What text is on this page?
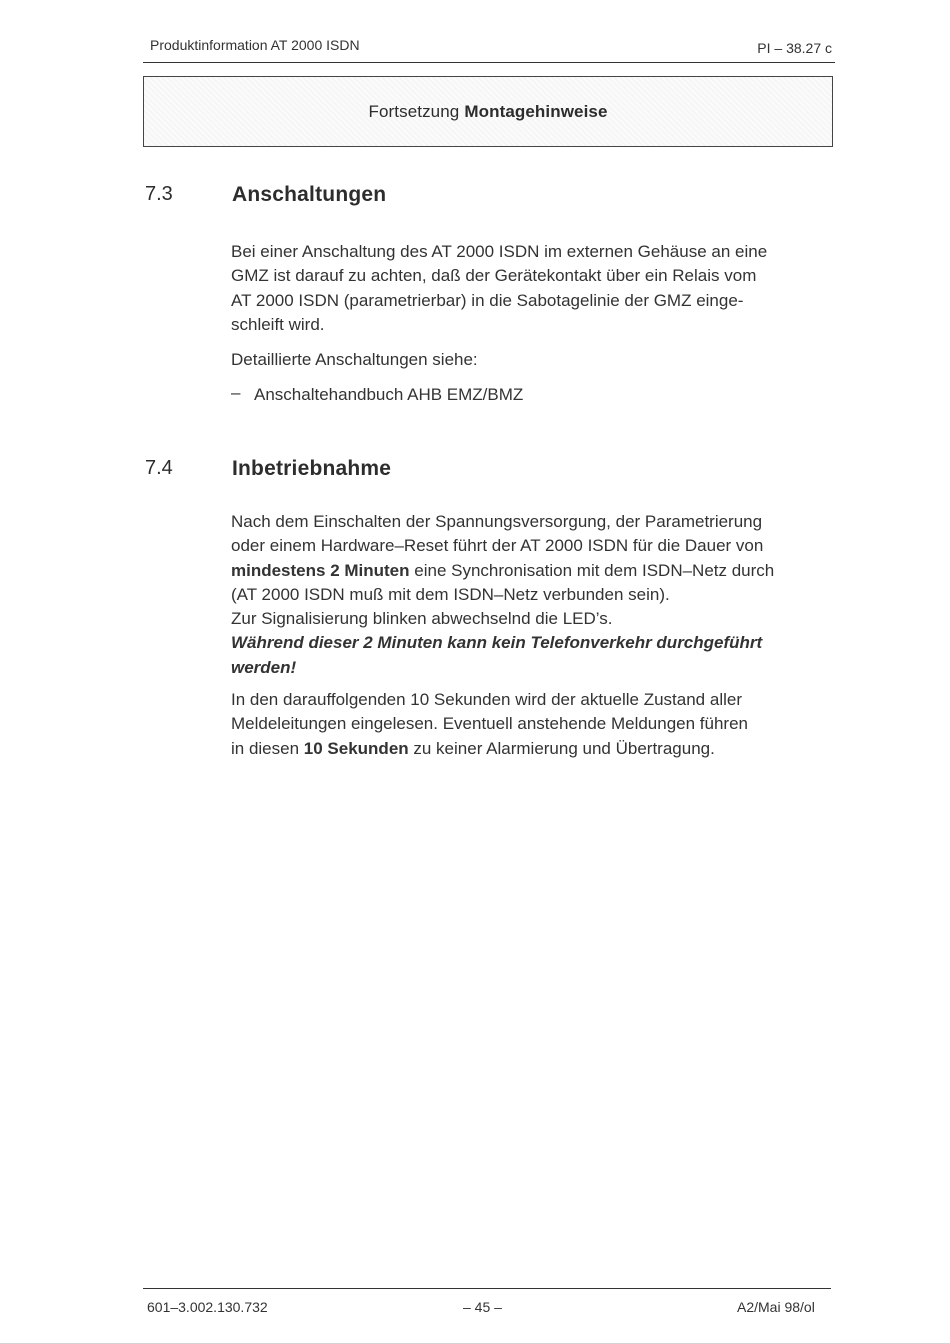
Produktinformation AT 2000 ISDN	PI – 38.27 c
Fortsetzung Montagehinweise
7.3	Anschaltungen
Bei einer Anschaltung des AT 2000 ISDN im externen Gehäuse an eine
GMZ ist darauf zu achten, daß der Gerätekontakt über ein Relais vom
AT 2000 ISDN (parametrierbar) in die Sabotagelinie der GMZ einge-
schleift wird.
Detaillierte Anschaltungen siehe:
– Anschaltehandbuch AHB EMZ/BMZ
7.4	Inbetriebnahme
Nach dem Einschalten der Spannungsversorgung, der Parametrierung
oder einem Hardware–Reset führt der AT 2000 ISDN für die Dauer von
mindestens 2 Minuten eine Synchronisation mit dem ISDN–Netz durch
(AT 2000 ISDN muß mit dem ISDN–Netz verbunden sein).
Zur Signalisierung blinken abwechselnd die LED’s.
Während dieser 2 Minuten kann kein Telefonverkehr durchgeführt
werden!
In den darauffolgenden 10 Sekunden wird der aktuelle Zustand aller
Meldeleitungen eingelesen. Eventuell anstehende Meldungen führen
in diesen 10 Sekunden zu keiner Alarmierung und Übertragung.
601–3.002.130.732	– 45 –	A2/Mai 98/ol
